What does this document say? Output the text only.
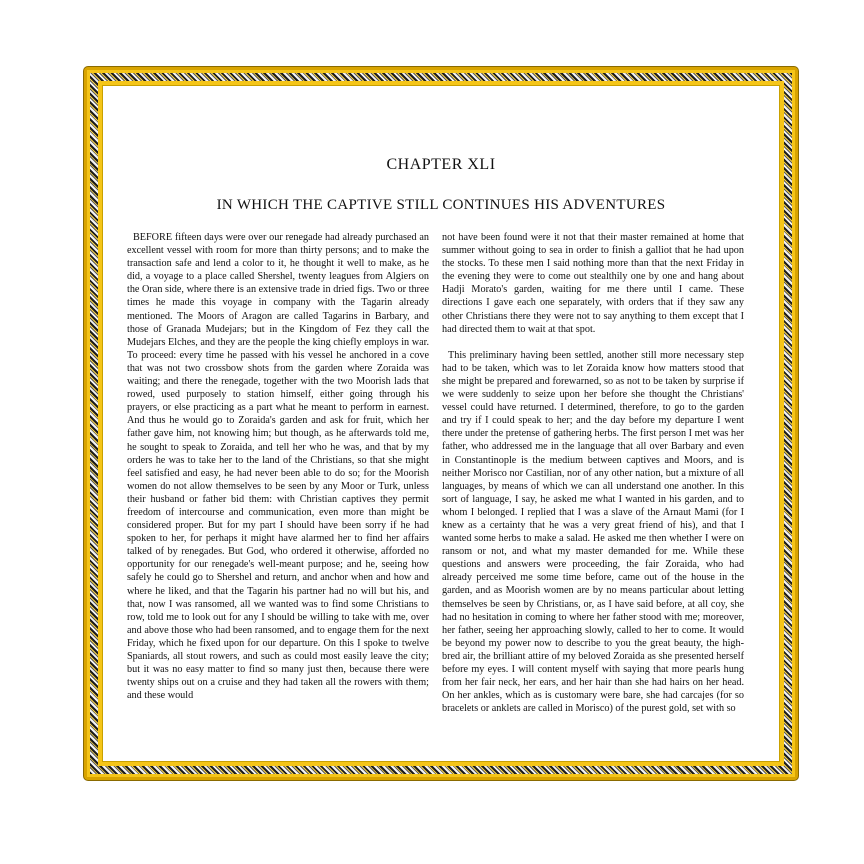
CHAPTER XLI
IN WHICH THE CAPTIVE STILL CONTINUES HIS ADVENTURES

BEFORE fifteen days were over our renegade had already purchased an excellent vessel with room for more than thirty persons; and to make the transaction safe and lend a color to it, he thought it well to make, as he did, a voyage to a place called Shershel, twenty leagues from Algiers on the Oran side, where there is an extensive trade in dried figs. Two or three times he made this voyage in company with the Tagarin already mentioned. The Moors of Aragon are called Tagarins in Barbary, and those of Granada Mudejars; but in the Kingdom of Fez they call the Mudejars Elches, and they are the people the king chiefly employs in war. To proceed: every time he passed with his vessel he anchored in a cove that was not two crossbow shots from the garden where Zoraida was waiting; and there the renegade, together with the two Moorish lads that rowed, used purposely to station himself, either going through his prayers, or else practicing as a part what he meant to perform in earnest. And thus he would go to Zoraida's garden and ask for fruit, which her father gave him, not knowing him; but though, as he afterwards told me, he sought to speak to Zoraida, and tell her who he was, and that by my orders he was to take her to the land of the Christians, so that she might feel satisfied and easy, he had never been able to do so; for the Moorish women do not allow themselves to be seen by any Moor or Turk, unless their husband or father bid them: with Christian captives they permit freedom of intercourse and communication, even more than might be considered proper. But for my part I should have been sorry if he had spoken to her, for perhaps it might have alarmed her to find her affairs talked of by renegades. But God, who ordered it otherwise, afforded no opportunity for our renegade's well-meant purpose; and he, seeing how safely he could go to Shershel and return, and anchor when and how and where he liked, and that the Tagarin his partner had no will but his, and that, now I was ransomed, all we wanted was to find some Christians to row, told me to look out for any I should be willing to take with me, over and above those who had been ransomed, and to engage them for the next Friday, which he fixed upon for our departure. On this I spoke to twelve Spaniards, all stout rowers, and such as could most easily leave the city; but it was no easy matter to find so many just then, because there were twenty ships out on a cruise and they had taken all the rowers with them; and these would

not have been found were it not that their master remained at home that summer without going to sea in order to finish a galliot that he had upon the stocks. To these men I said nothing more than that the next Friday in the evening they were to come out stealthily one by one and hang about Hadji Morato's garden, waiting for me there until I came. These directions I gave each one separately, with orders that if they saw any other Christians there they were not to say anything to them except that I had directed them to wait at that spot.

This preliminary having been settled, another still more necessary step had to be taken, which was to let Zoraida know how matters stood that she might be prepared and forewarned, so as not to be taken by surprise if we were suddenly to seize upon her before she thought the Christians' vessel could have returned. I determined, therefore, to go to the garden and try if I could speak to her; and the day before my departure I went there under the pretense of gathering herbs. The first person I met was her father, who addressed me in the language that all over Barbary and even in Constantinople is the medium between captives and Moors, and is neither Morisco nor Castilian, nor of any other nation, but a mixture of all languages, by means of which we can all understand one another. In this sort of language, I say, he asked me what I wanted in his garden, and to whom I belonged. I replied that I was a slave of the Arnaut Mami (for I knew as a certainty that he was a very great friend of his), and that I wanted some herbs to make a salad. He asked me then whether I were on ransom or not, and what my master demanded for me. While these questions and answers were proceeding, the fair Zoraida, who had already perceived me some time before, came out of the house in the garden, and as Moorish women are by no means particular about letting themselves be seen by Christians, or, as I have said before, at all coy, she had no hesitation in coming to where her father stood with me; moreover, her father, seeing her approaching slowly, called to her to come. It would be beyond my power now to describe to you the great beauty, the high-bred air, the brilliant attire of my beloved Zoraida as she presented herself before my eyes. I will content myself with saying that more pearls hung from her fair neck, her ears, and her hair than she had hairs on her head. On her ankles, which as is customary were bare, she had carcajes (for so bracelets or anklets are called in Morisco) of the purest gold, set with so
